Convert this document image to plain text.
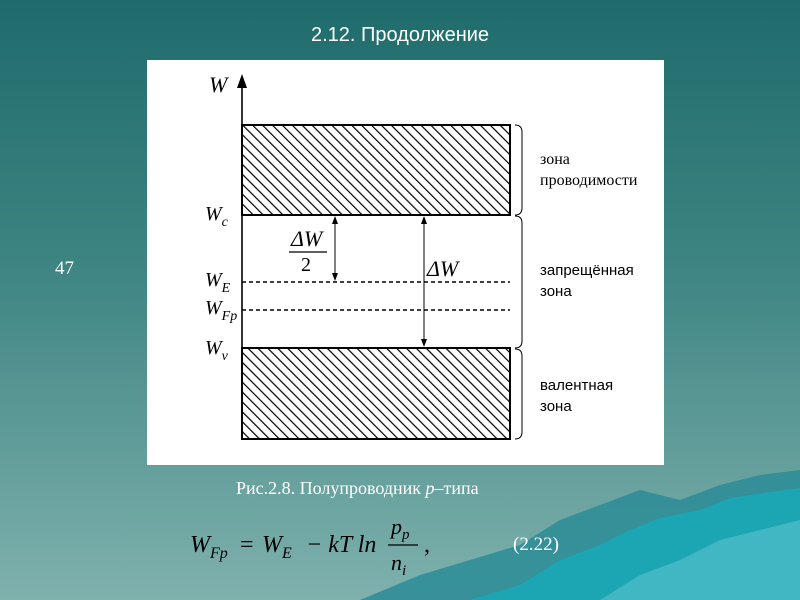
2.12. Продолжение
47
W
$W_c$
$W_E$
$W_{Fp}$
$W_v$
ΔW
2	ΔW
зона проводимости
запрещённая зона
валентная зона
Рис.2.8. Полупроводник p–типа
$W_{Fp} = W_E$ − kT ln
$p_p$
$n_i$
,	(2.22)
